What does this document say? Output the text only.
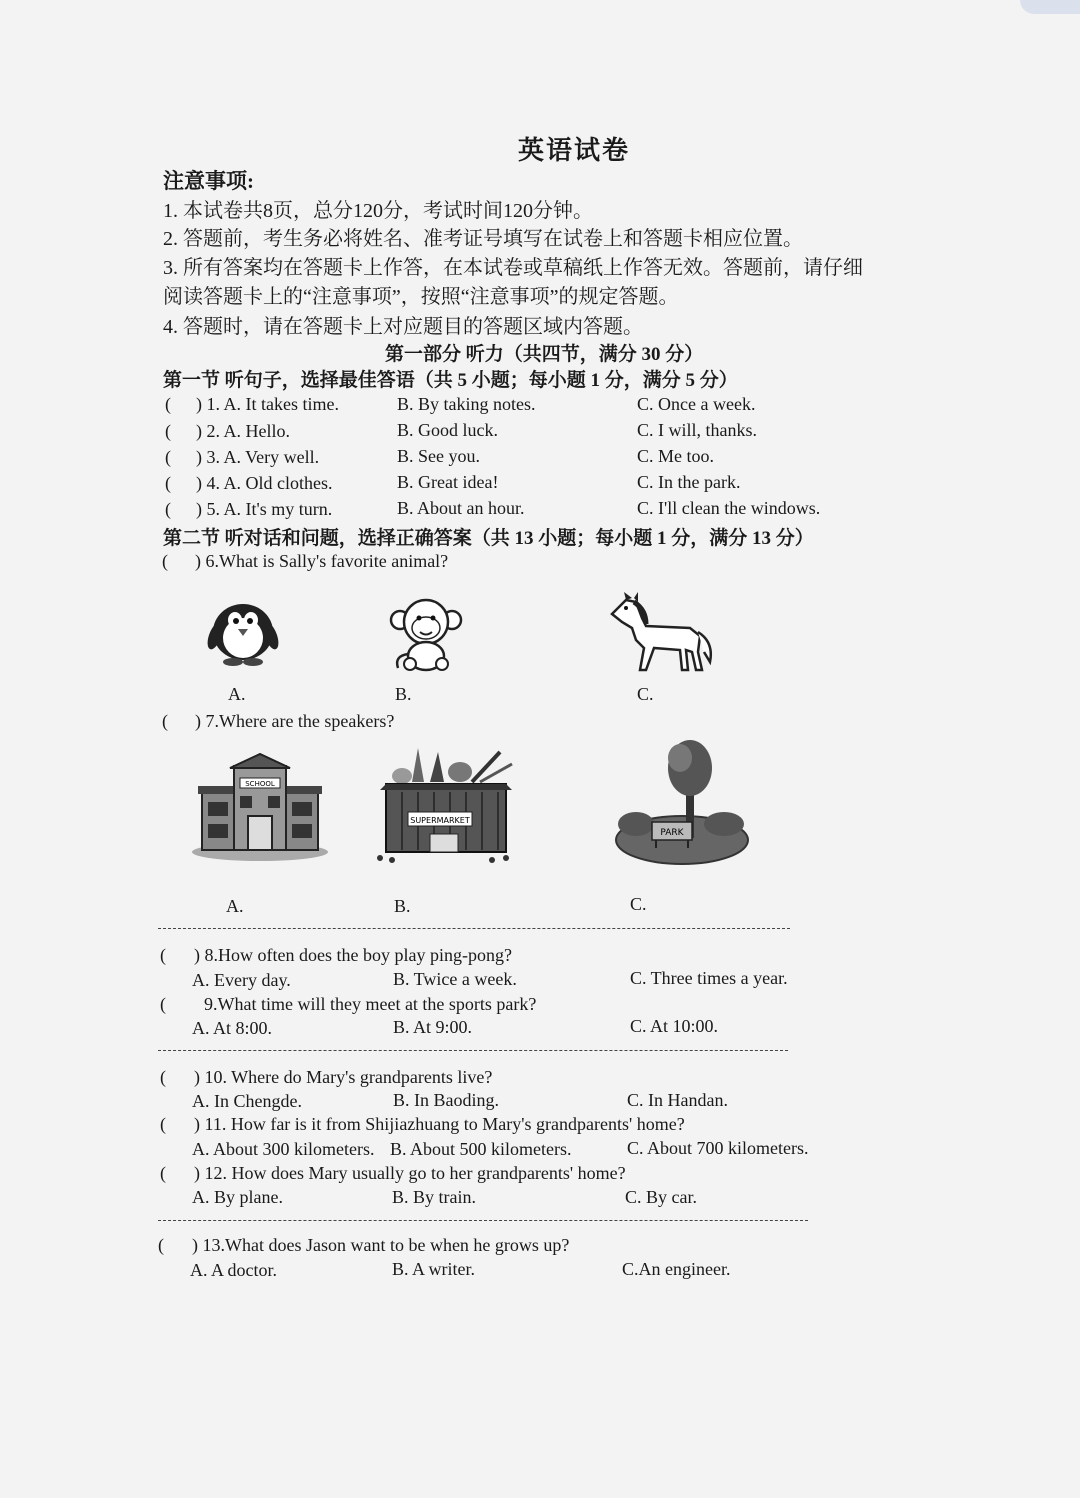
英语试卷
注意事项:
1. 本试卷共8页，总分120分，考试时间120分钟。
2. 答题前，考生务必将姓名、准考证号填写在试卷上和答题卡相应位置。
3. 所有答案均在答题卡上作答，在本试卷或草稿纸上作答无效。答题前，请仔细
阅读答题卡上的“注意事项”，按照“注意事项”的规定答题。
4. 答题时，请在答题卡上对应题目的答题区域内答题。
第一部分 听力（共四节，满分 30 分）
第一节 听句子，选择最佳答语（共 5 小题；每小题 1 分，满分 5 分）
( ) 1. A. It takes time.	B. By taking notes.	C. Once a week.
( ) 2. A. Hello.	B. Good luck.	C. I will, thanks.
( ) 3. A. Very well.	B. See you.	C. Me too.
( ) 4. A. Old clothes.	B. Great idea!	C. In the park.
( ) 5. A. It's my turn.	B. About an hour.	C. I'll clean the windows.
第二节 听对话和问题，选择正确答案（共 13 小题；每小题 1 分，满分 13 分）
( ) 6.What is Sally's favorite animal?
A.	B.	C.
( ) 7.Where are the speakers?
SCHOOL
SUPERMARKET
PARK
A.	B.	C.
( ) 8.How often does the boy play ping-pong?
A. Every day.	B. Twice a week.	C. Three times a year.
( 9.What time will they meet at the sports park?
A. At 8:00.	B. At 9:00.	C. At 10:00.
( ) 10. Where do Mary's grandparents live?
A. In Chengde.	B. In Baoding.	C. In Handan.
( ) 11. How far is it from Shijiazhuang to Mary's grandparents' home?
A. About 300 kilometers. B. About 500 kilometers.	C. About 700 kilometers.
( ) 12. How does Mary usually go to her grandparents' home?
A. By plane.	B. By train.	C. By car.
( ) 13.What does Jason want to be when he grows up?
A. A doctor.	B. A writer.	C.An engineer.
